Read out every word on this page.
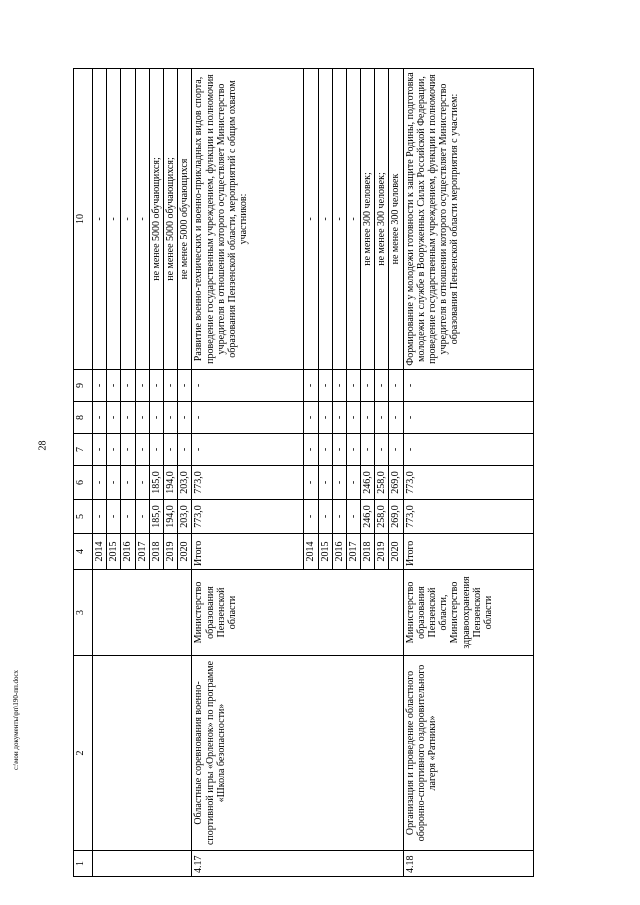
28
c:\мои документы\рп\190-пп.docx
1	2	3	4	5	6	7	8	9	10
			2014	-	-	-	-	-	-
			2015	-	-	-	-	-	-
			2016	-	-	-	-	-	-
			2017	-	-	-	-	-	-
			2018	185,0	185,0	-	-	-	не менее 5000 обучающихся;
			2019	194,0	194,0	-	-	-	не менее 5000 обучающихся;
			2020	203,0	203,0	-	-	-	не менее 5000 обучающихся
4.17	Областные соревнования военно-спортивной игры «Орленок» по программе «Школа безопасности»	Министерство образования Пензенской области	Итого	773,0	773,0	-	-	-	Развитие военно-технических и военно-прикладных видов спорта, проведение государственным учреждением, функции и полномочия учредителя в отношении которого осуществляет Министерство образования Пензенской области, мероприятий с общим охватом участников:
			2014	-	-	-	-	-	-
			2015	-	-	-	-	-	-
			2016	-	-	-	-	-	-
			2017	-	-	-	-	-	-
			2018	246,0	246,0	-	-	-	не менее 300 человек;
			2019	258,0	258,0	-	-	-	не менее 300 человек;
			2020	269,0	269,0	-	-	-	не менее 300 человек
4.18	Организация и проведение областного оборонно-спортивного оздоровительного лагеря «Ратники»	Министерство образования Пензенской области, Министерство здравоохранения Пензенской области	Итого	773,0	773,0	-	-	-	Формирование у молодежи готовности к защите Родины, подготовка молодежи к службе в Вооруженных Силах Российской Федерации, проведение государственным учреждением, функции и полномочия учредителя в отношении которого осуществляет Министерство образования Пензенской области мероприятия с участием:
